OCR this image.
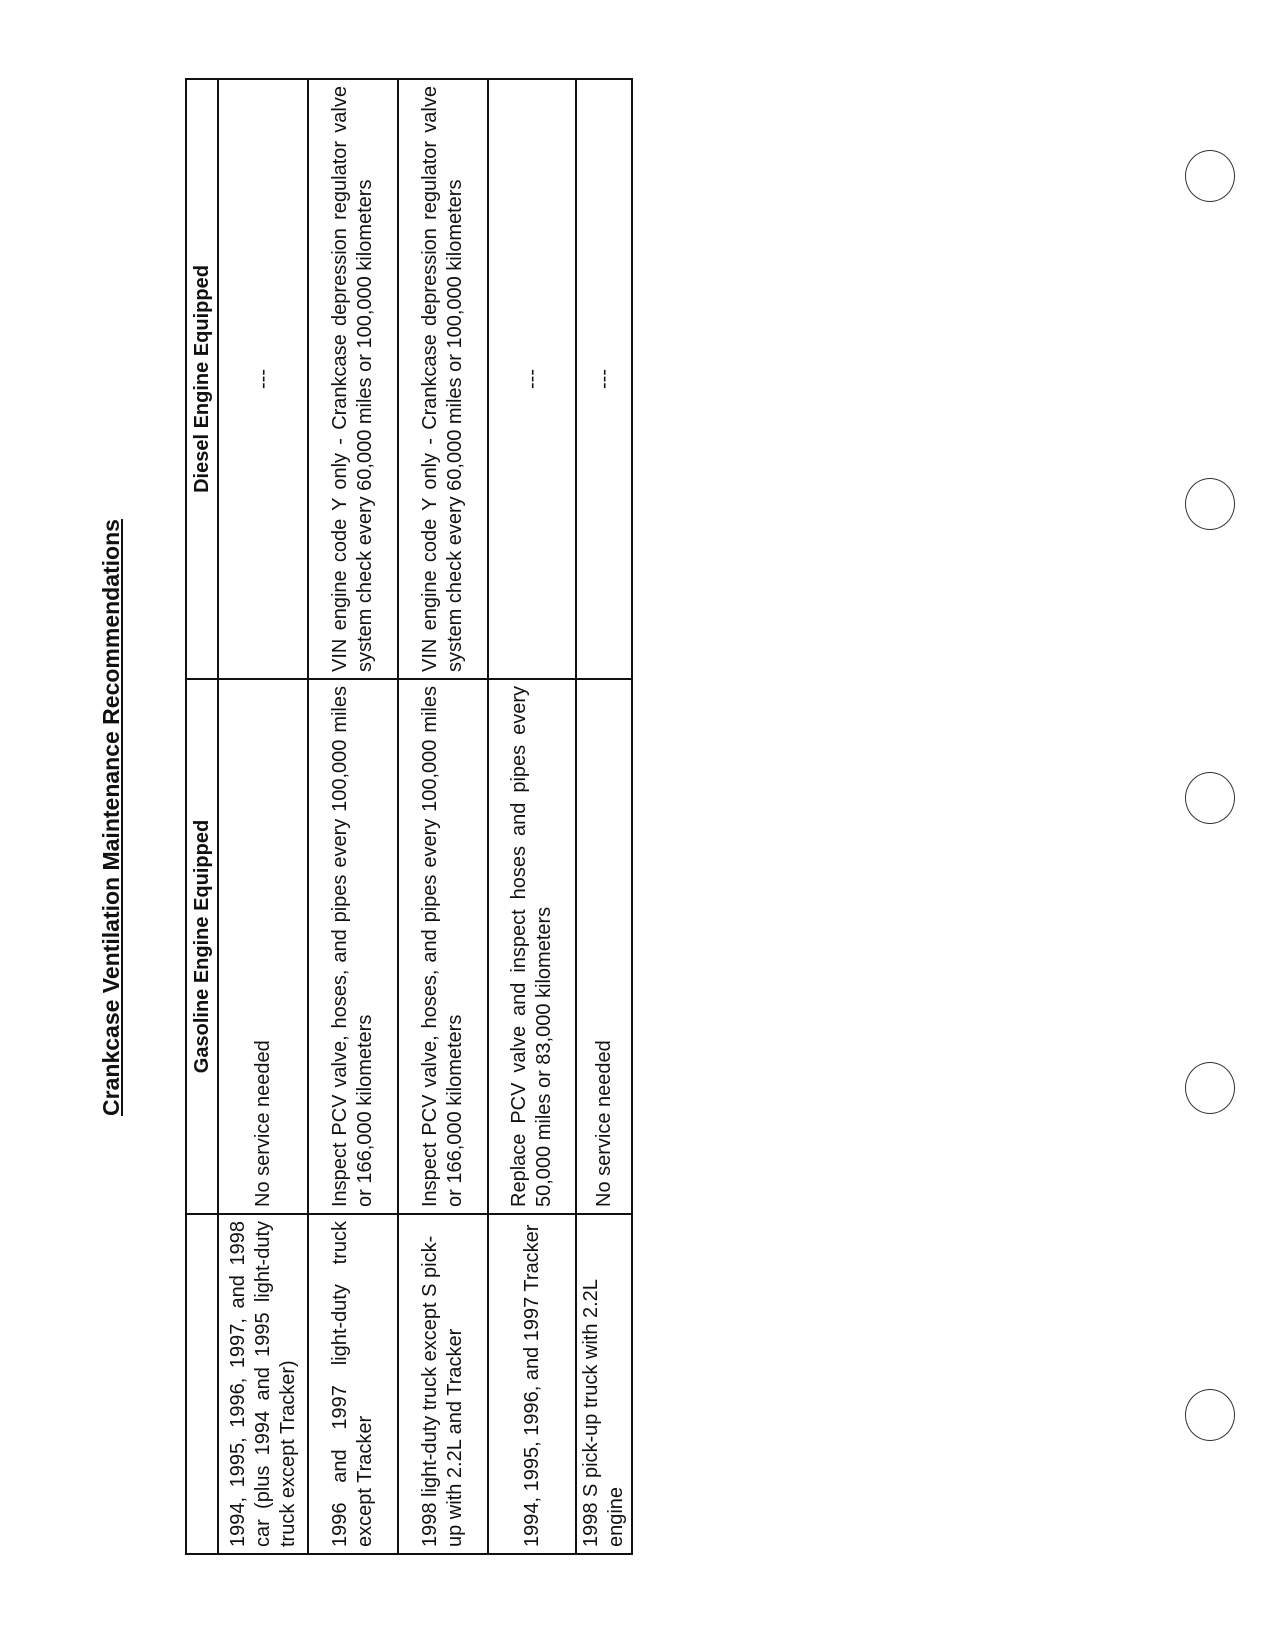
Crankcase Ventilation Maintenance Recommendations
		Gasoline Engine Equipped	Diesel Engine Equipped
1994, 1995, 1996, 1997, and 1998 car (plus 1994 and 1995 light-duty truck except Tracker)	No service needed	---
1996 and 1997 light-duty truck except Tracker	Inspect PCV valve, hoses, and pipes every 100,000 miles or 166,000 kilometers	VIN engine code Y only - Crankcase depression regulator valve system check every 60,000 miles or 100,000 kilometers
1998 light-duty truck except S pick-up with 2.2L and Tracker	Inspect PCV valve, hoses, and pipes every 100,000 miles or 166,000 kilometers	VIN engine code Y only - Crankcase depression regulator valve system check every 60,000 miles or 100,000 kilometers
1994, 1995, 1996, and 1997 Tracker	Replace PCV valve and inspect hoses and pipes every 50,000 miles or 83,000 kilometers	---
1998 S pick-up truck with 2.2L engine	No service needed	---
